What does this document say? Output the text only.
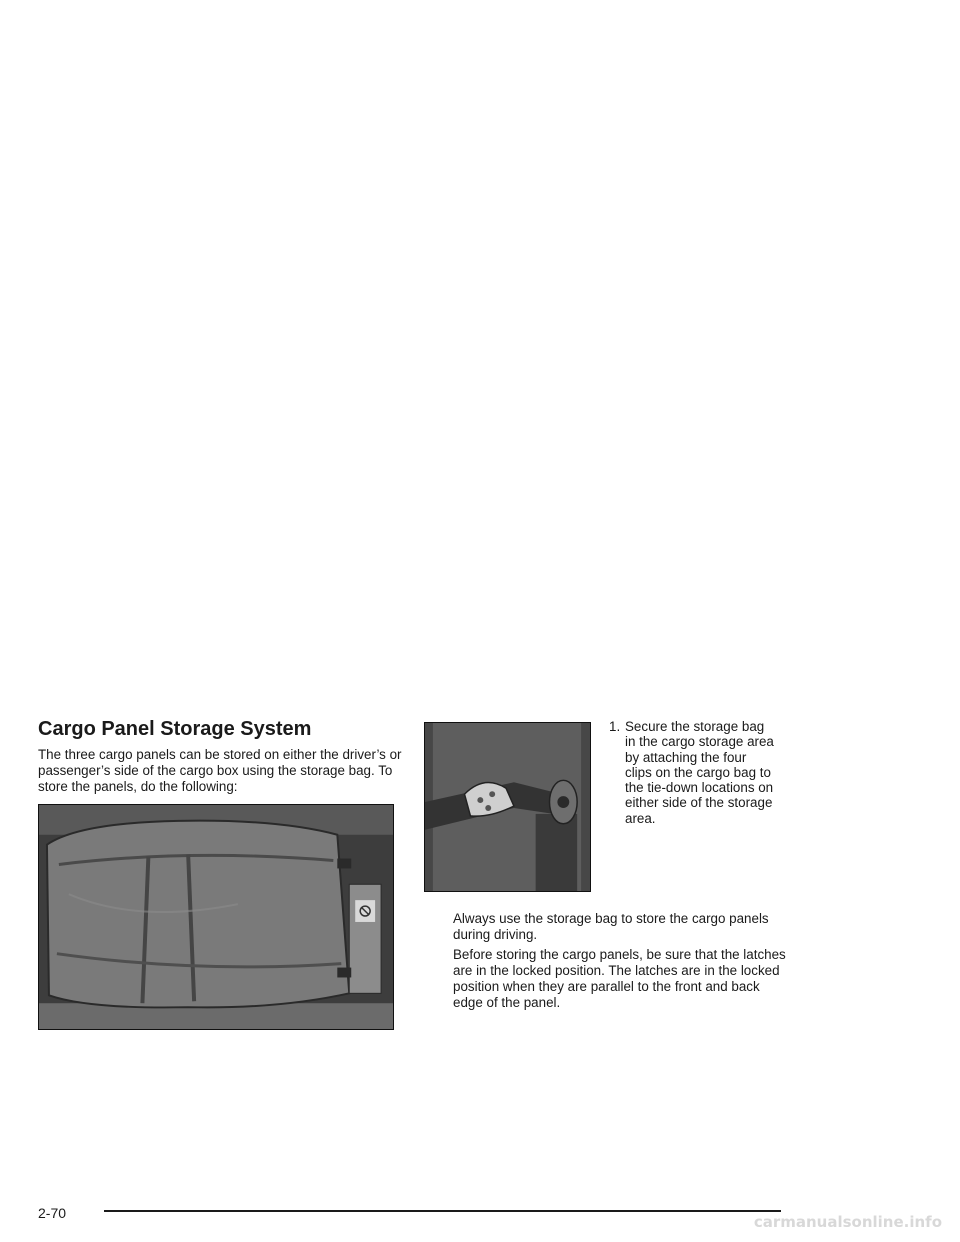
Cargo Panel Storage System

The three cargo panels can be stored on either the driver’s or passenger’s side of the cargo box using the storage bag. To store the panels, do the following:

1. Secure the storage bag in the cargo storage area by attaching the four clips on the cargo bag to the tie-down locations on either side of the storage area.

Always use the storage bag to store the cargo panels during driving.

Before storing the cargo panels, be sure that the latches are in the locked position. The latches are in the locked position when they are parallel to the front and back edge of the panel.

2-70	carmanualsonline.info
